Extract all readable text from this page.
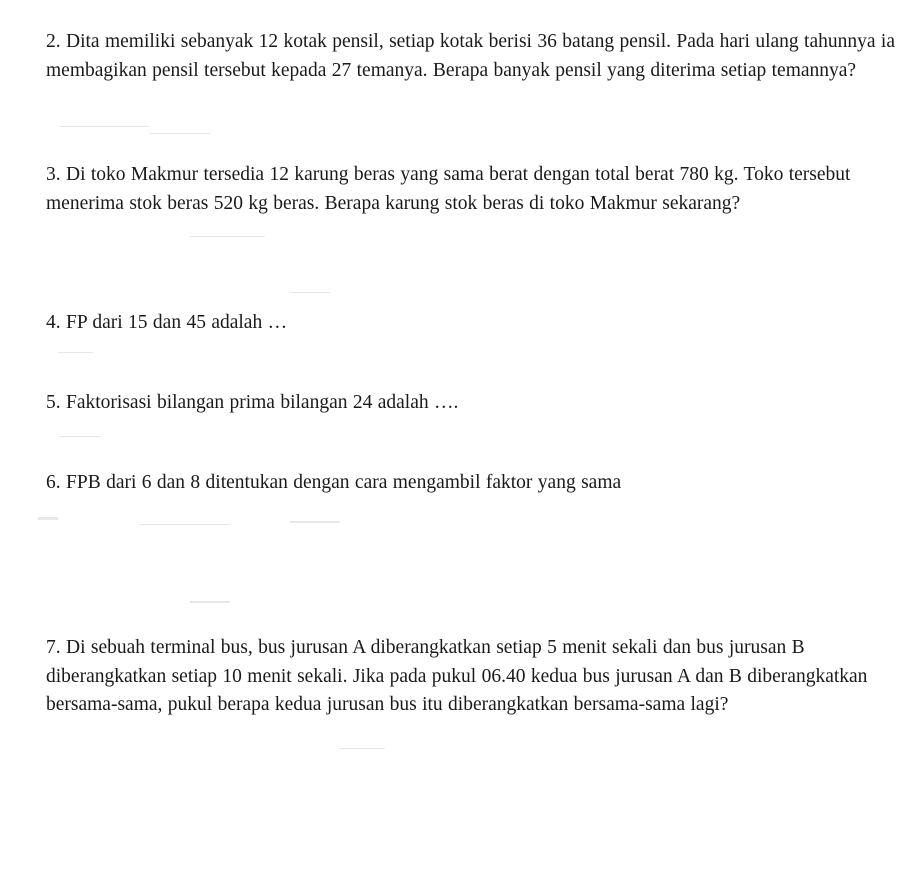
2. Dita memiliki sebanyak 12 kotak pensil, setiap kotak berisi 36 batang pensil. Pada hari ulang tahunnya ia membagikan pensil tersebut kepada 27 temanya. Berapa banyak pensil yang diterima setiap temannya?

3. Di toko Makmur tersedia 12 karung beras yang sama berat dengan total berat 780 kg. Toko tersebut menerima stok beras 520 kg beras. Berapa karung stok beras di toko Makmur sekarang?

4. FP dari 15 dan 45 adalah …

5. Faktorisasi bilangan prima bilangan 24 adalah ….

6. FPB dari 6 dan 8 ditentukan dengan cara mengambil faktor yang sama

7. Di sebuah terminal bus, bus jurusan A diberangkatkan setiap 5 menit sekali dan bus jurusan B diberangkatkan setiap 10 menit sekali. Jika pada pukul 06.40 kedua bus jurusan A dan B diberangkatkan bersama-sama, pukul berapa kedua jurusan bus itu diberangkatkan bersama-sama lagi?
